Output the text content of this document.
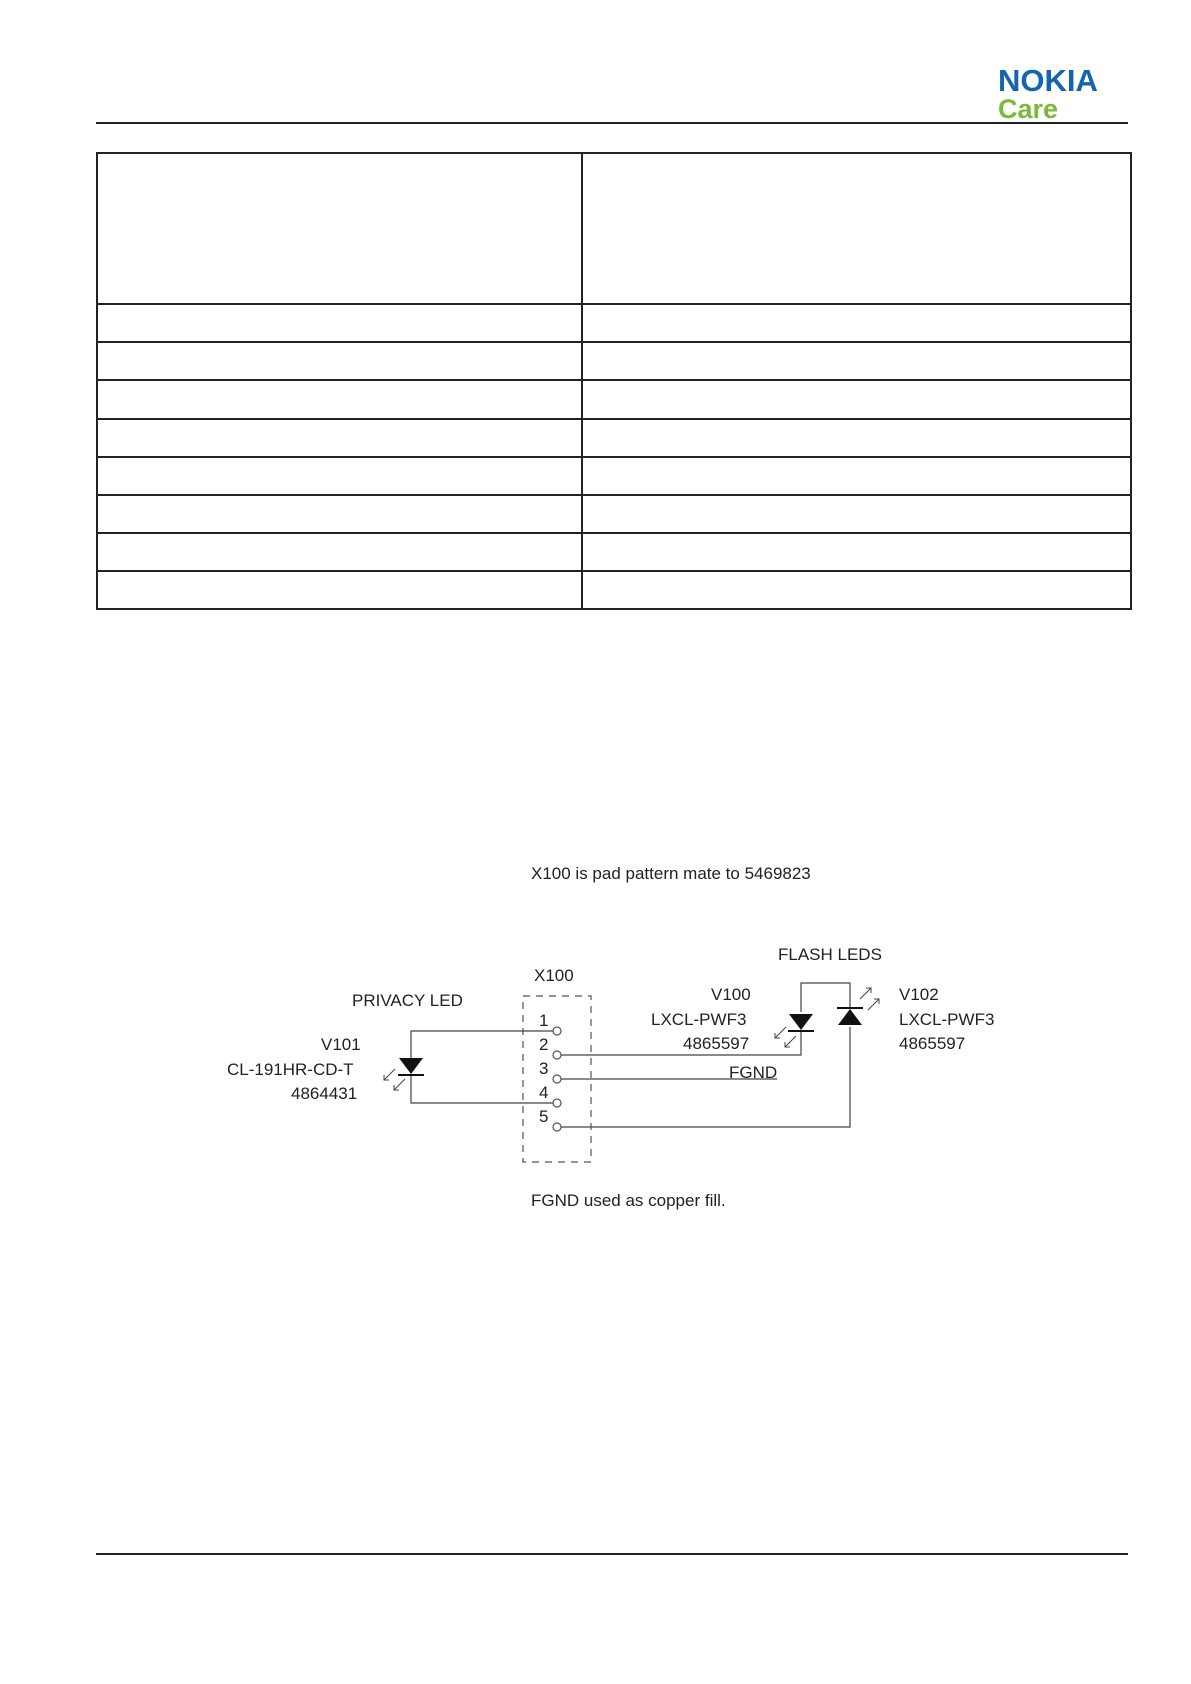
NOKIA
Care

X100 is pad pattern mate to 5469823
FGND used as copper fill.
X100
1
2
3
4
5
PRIVACY LED
V101
CL-191HR-CD-T
4864431
FLASH LEDS
V100
LXCL-PWF3
4865597
V102
LXCL-PWF3
4865597
FGND
